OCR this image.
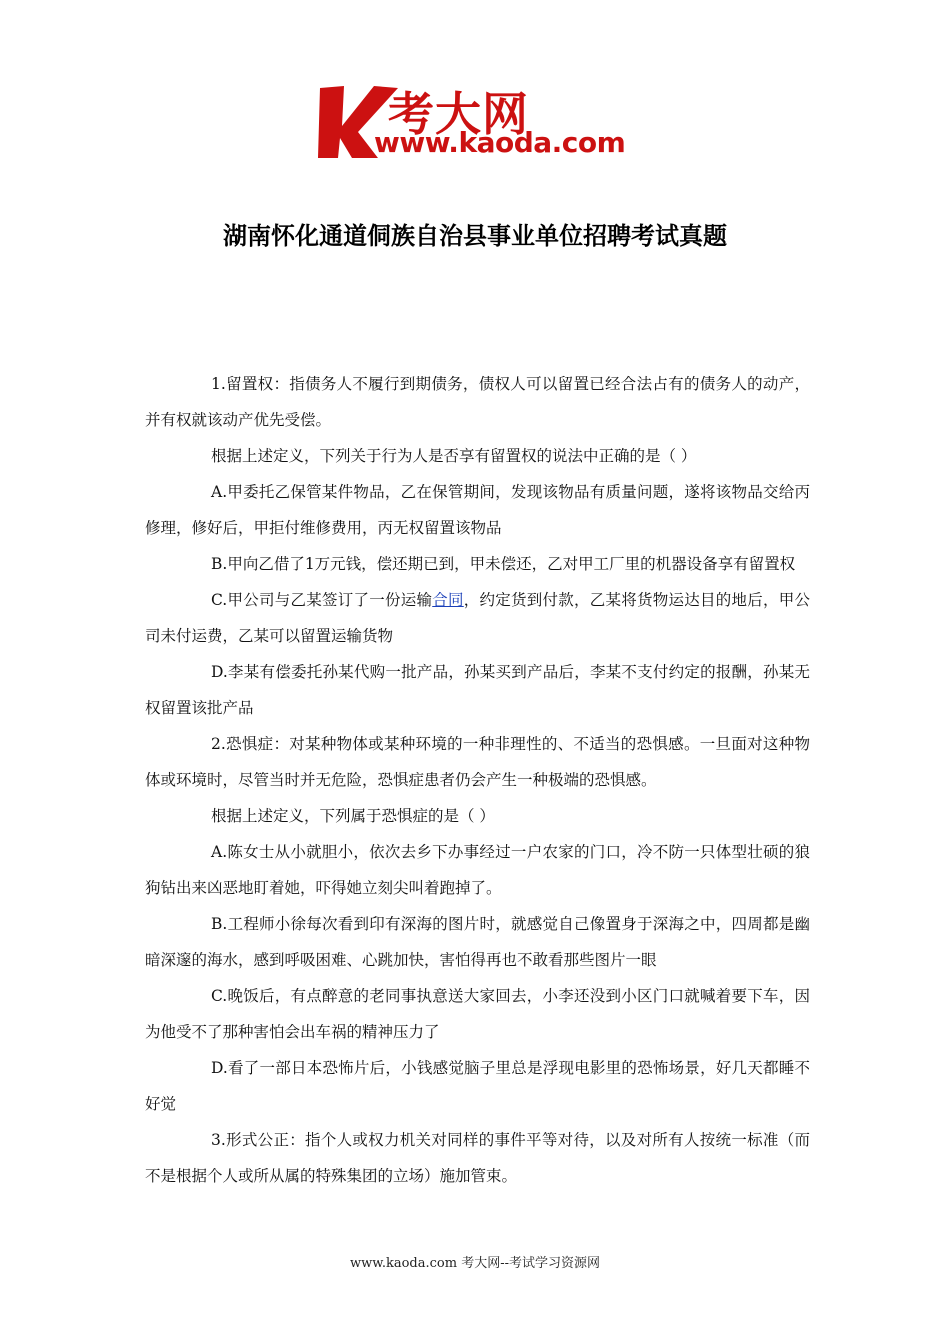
考大网
www.kaoda.com
湖南怀化通道侗族自治县事业单位招聘考试真题

1.留置权：指债务人不履行到期债务，债权人可以留置已经合法占有的债务人的动产，并有权就该动产优先受偿。

根据上述定义，下列关于行为人是否享有留置权的说法中正确的是（ ）

A.甲委托乙保管某件物品，乙在保管期间，发现该物品有质量问题，遂将该物品交给丙修理，修好后，甲拒付维修费用，丙无权留置该物品

B.甲向乙借了1万元钱，偿还期已到，甲未偿还，乙对甲工厂里的机器设备享有留置权

C.甲公司与乙某签订了一份运输合同，约定货到付款，乙某将货物运达目的地后，甲公司未付运费，乙某可以留置运输货物

D.李某有偿委托孙某代购一批产品，孙某买到产品后，李某不支付约定的报酬，孙某无权留置该批产品

2.恐惧症：对某种物体或某种环境的一种非理性的、不适当的恐惧感。一旦面对这种物体或环境时，尽管当时并无危险，恐惧症患者仍会产生一种极端的恐惧感。

根据上述定义，下列属于恐惧症的是（ ）

A.陈女士从小就胆小，依次去乡下办事经过一户农家的门口，冷不防一只体型壮硕的狼狗钻出来凶恶地盯着她，吓得她立刻尖叫着跑掉了。

B.工程师小徐每次看到印有深海的图片时，就感觉自己像置身于深海之中，四周都是幽暗深邃的海水，感到呼吸困难、心跳加快，害怕得再也不敢看那些图片一眼

C.晚饭后，有点醉意的老同事执意送大家回去，小李还没到小区门口就喊着要下车，因为他受不了那种害怕会出车祸的精神压力了

D.看了一部日本恐怖片后，小钱感觉脑子里总是浮现电影里的恐怖场景，好几天都睡不好觉

3.形式公正：指个人或权力机关对同样的事件平等对待，以及对所有人按统一标准（而不是根据个人或所从属的特殊集团的立场）施加管束。

www.kaoda.com 考大网--考试学习资源网
